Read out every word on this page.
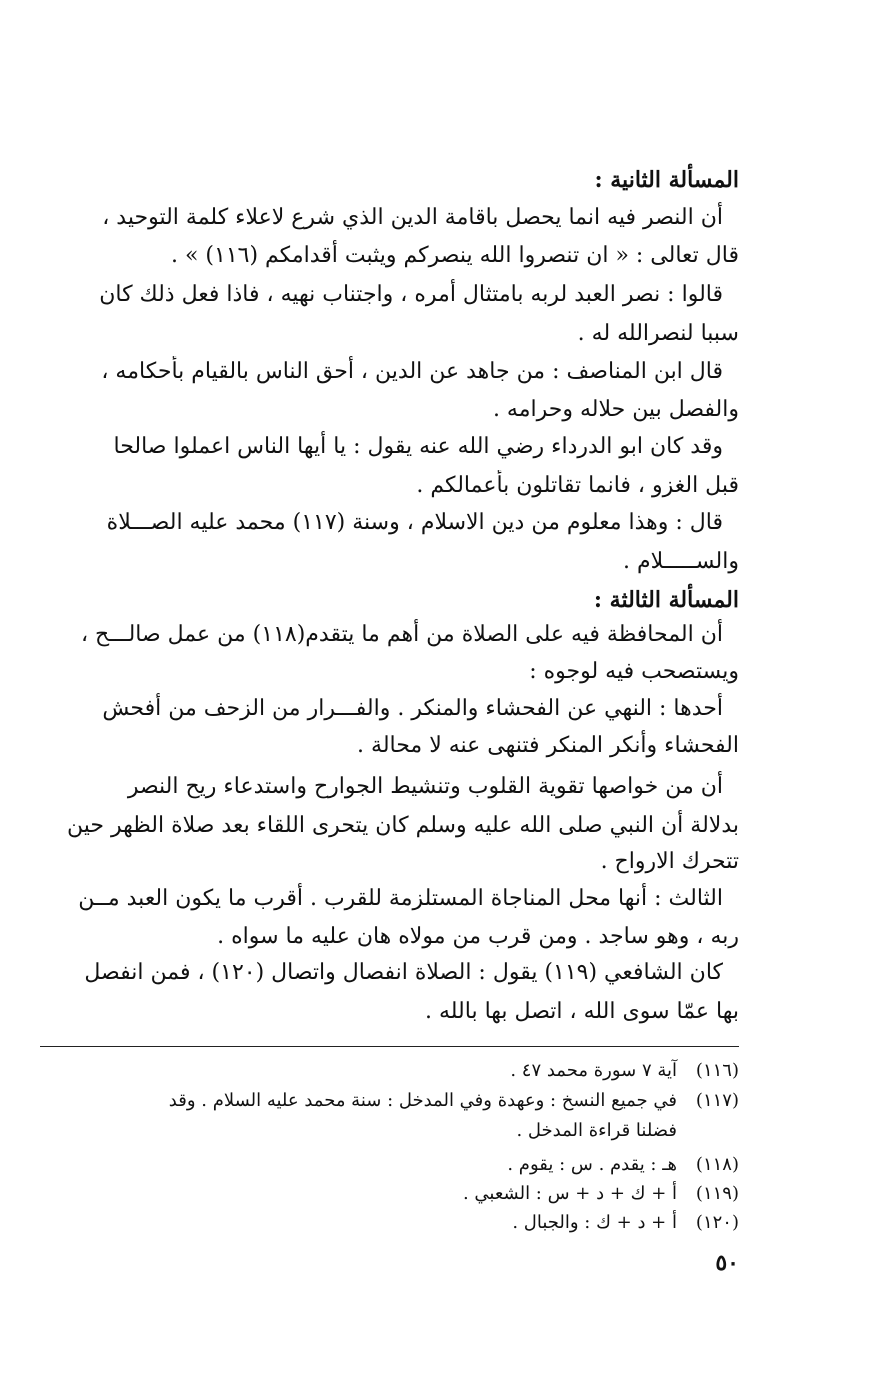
المسألة الثانية :
أن النصر فيه انما يحصل باقامة الدين الذي شرع لاعلاء كلمة التوحيد ،
قال تعالى : « ان تنصروا الله ينصركم ويثبت أقدامكم (١١٦) » .
قالوا : نصر العبد لربه بامتثال أمره ، واجتناب نهيه ، فاذا فعل ذلك كان
سببا لنصرالله له .
قال ابن المناصف : من جاهد عن الدين ، أحق الناس بالقيام بأحكامه ،
والفصل بين حلاله وحرامه .
وقد كان ابو الدرداء رضي الله عنه يقول : يا أيها الناس اعملوا صالحا
قبل الغزو ، فانما تقاتلون بأعمالكم .
قال : وهذا معلوم من دين الاسلام ، وسنة (١١٧) محمد عليه الصـــلاة
والســـــلام .
المسألة الثالثة :
أن المحافظة فيه على الصلاة من أهم ما يتقدم(١١٨) من عمل صالـــح ،
ويستصحب فيه لوجوه :
أحدها : النهي عن الفحشاء والمنكر . والفـــرار من الزحف من أفحش
الفحشاء وأنكر المنكر فتنهى عنه لا محالة .
أن من خواصها تقوية القلوب وتنشيط الجوارح واستدعاء ريح النصر
بدلالة أن النبي صلى الله عليه وسلم كان يتحرى اللقاء بعد صلاة الظهر حين
تتحرك الارواح .
الثالث : أنها محل المناجاة المستلزمة للقرب . أقرب ما يكون العبد مــن
ربه ، وهو ساجد . ومن قرب من مولاه هان عليه ما سواه .
كان الشافعي (١١٩) يقول : الصلاة انفصال واتصال (١٢٠) ، فمن انفصل
بها عمّا سوى الله ، اتصل بها بالله .
(١١٦)
آية ٧ سورة محمد ٤٧ .
(١١٧)
في جميع النسخ : وعهدة وفي المدخل : سنة محمد عليه السلام . وقد
فضلنا قراءة المدخل .
(١١٨)
هـ : يقدم . س : يقوم .
(١١٩)
أ + ك + د + س : الشعبي .
(١٢٠)
أ + د + ك : والجبال .
٥٠
